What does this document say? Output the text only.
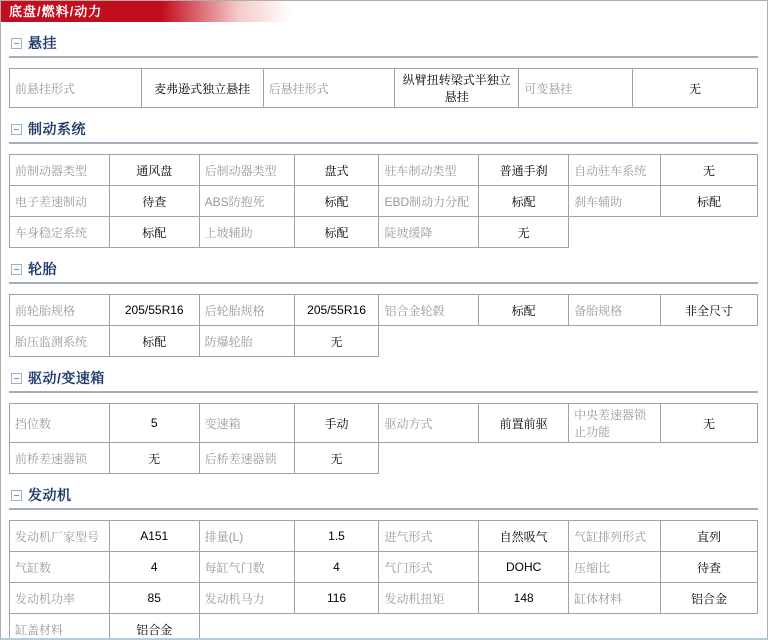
底盘/燃料/动力
悬挂
前悬挂形式	麦弗逊式独立悬挂	后悬挂形式	纵臂扭转梁式半独立悬挂	可变悬挂	无
制动系统
前制动器类型	通风盘	后制动器类型	盘式	驻车制动类型	普通手刹	自动驻车系统	无
电子差速制动	待查	ABS防抱死	标配	EBD制动力分配	标配	刹车辅助	标配
车身稳定系统	标配	上坡辅助	标配	陡坡缓降	无		
轮胎
前轮胎规格	205/55R16	后轮胎规格	205/55R16	铝合金轮毂	标配	备胎规格	非全尺寸
胎压监测系统	标配	防爆轮胎	无				
驱动/变速箱
挡位数	5	变速箱	手动	驱动方式	前置前驱	中央差速器锁止功能	无
前桥差速器锁	无	后桥差速器锁	无				
发动机
发动机厂家型号	A151	排量(L)	1.5	进气形式	自然吸气	气缸排列形式	直列
气缸数	4	每缸气门数	4	气门形式	DOHC	压缩比	待查
发动机功率	85	发动机马力	116	发动机扭矩	148	缸体材料	铝合金
缸盖材料	铝合金						
